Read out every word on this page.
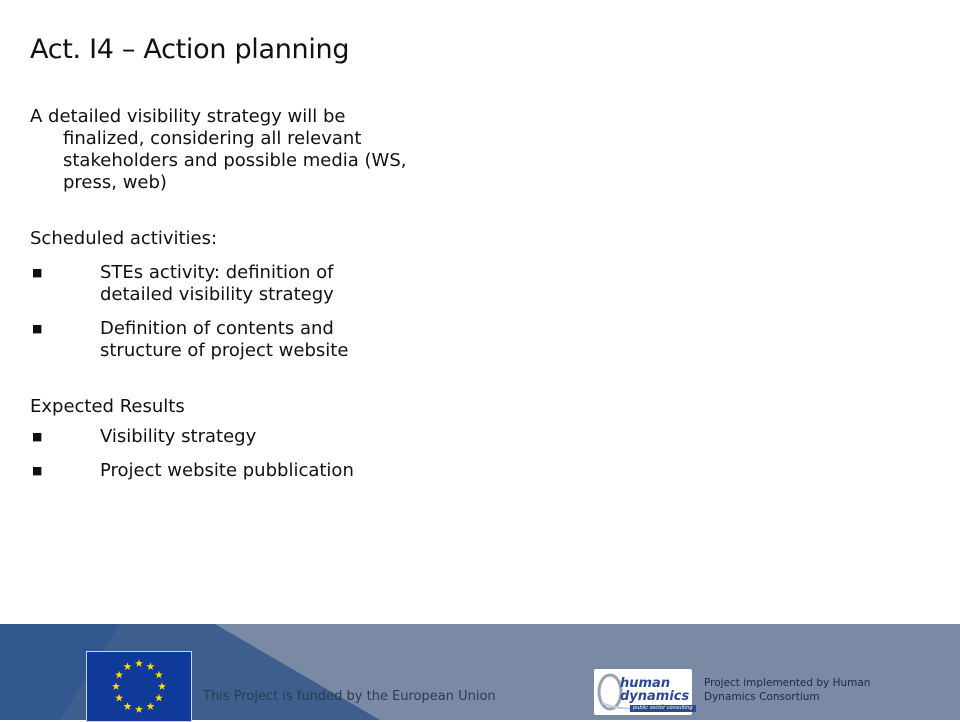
Act. I4 – Action planning

A detailed visibility strategy will be finalized, considering all relevant stakeholders and possible media (WS, press, web)

Scheduled activities:

■	STEs activity: definition of detailed visibility strategy
■	Definition of contents and structure of project website

Expected Results

■	Visibility strategy
■	Project website pubblication
This Project is funded by the European Union
human
dynamics
public sector consulting
Project implemented by Human Dynamics Consortium
